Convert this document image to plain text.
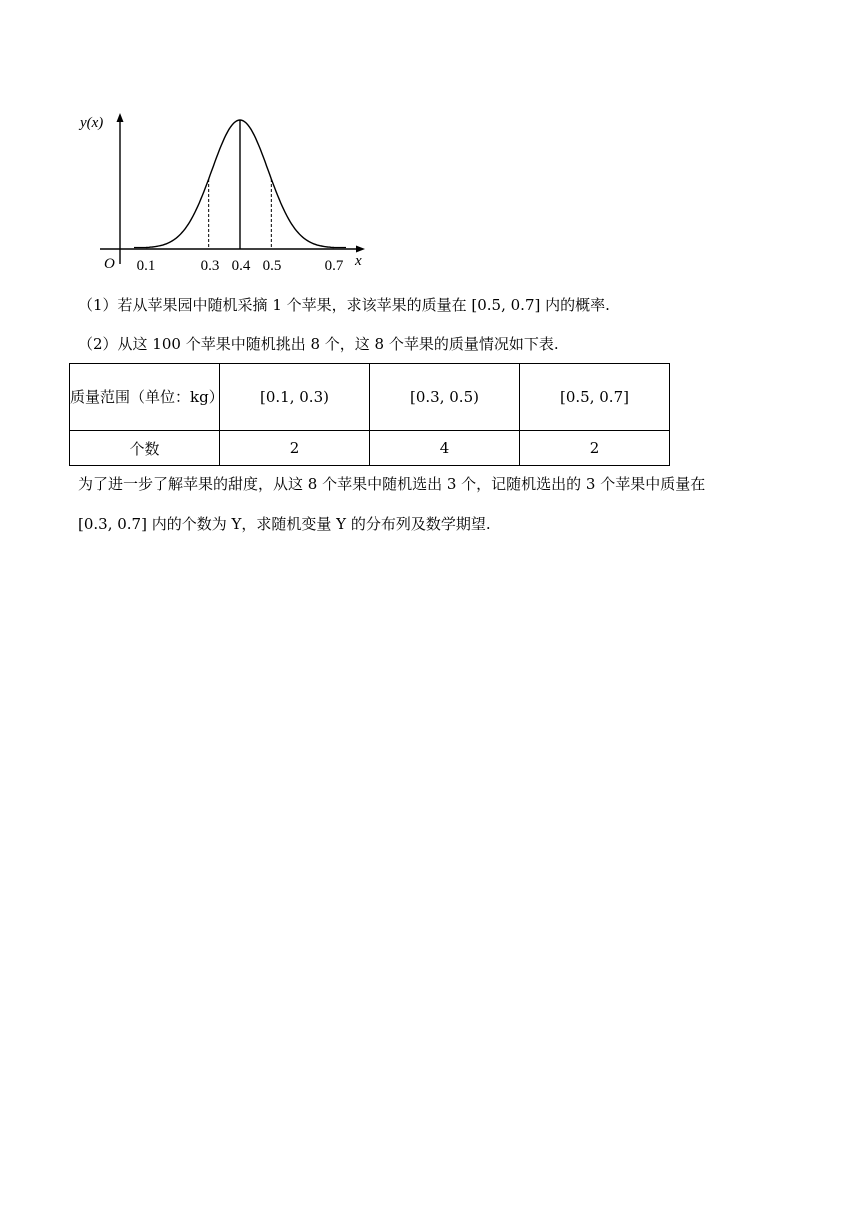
y(x)
x
O 0.1	0.3 0.4 0.5	0.7

（1）若从苹果园中随机采摘 1 个苹果，求该苹果的质量在 [0.5, 0.7] 内的概率.

（2）从这 100 个苹果中随机挑出 8 个，这 8 个苹果的质量情况如下表.

质量范围（单位：kg）	[0.1, 0.3)	[0.3, 0.5)	[0.5, 0.7]
个数	2	4	2

为了进一步了解苹果的甜度，从这 8 个苹果中随机选出 3 个，记随机选出的 3 个苹果中质量在

[0.3, 0.7] 内的个数为 Y，求随机变量 Y 的分布列及数学期望.
